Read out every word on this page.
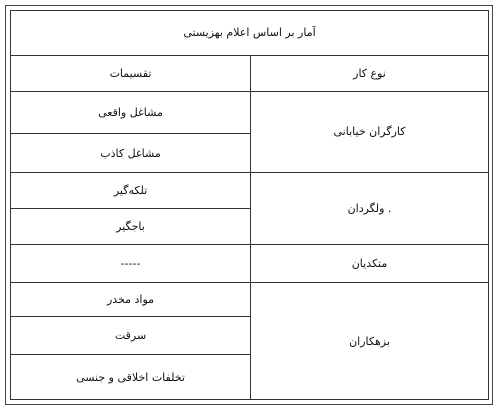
آمار بر اساس اعلام بهزیستی	
نوع کار	تقسیمات
کارگران خیابانی	مشاغل واقعی
	مشاغل کاذب
. ولگردان	تلکه‌گیر
	باجگیر
متکدیان	-----
بزهکاران	مواد مخدر
	سرقت
	تخلفات اخلاقی و جنسی
